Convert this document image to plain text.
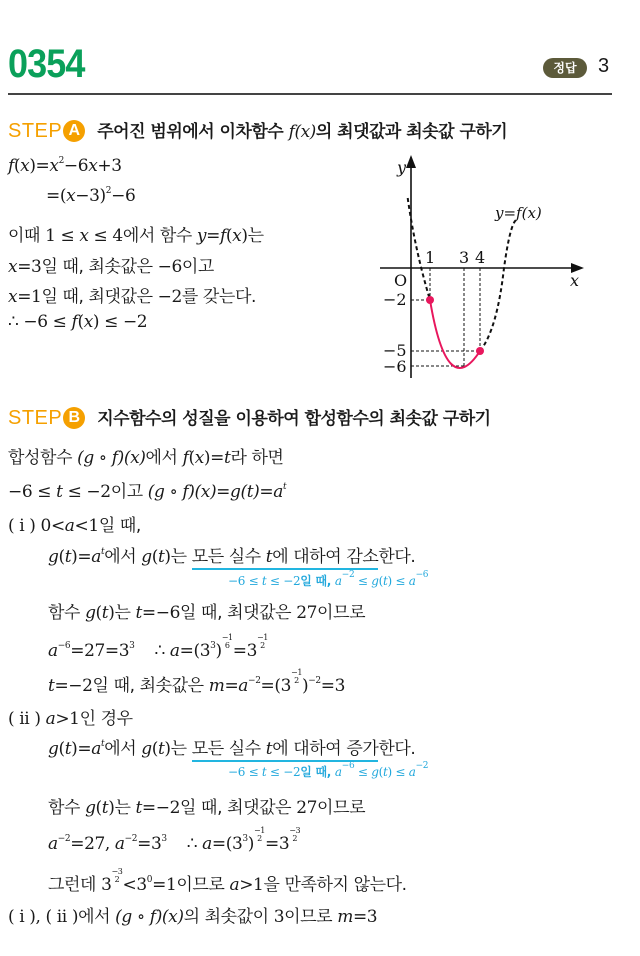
0354	정답	3
STEP A 주어진 범위에서 이차함수 f(x)의 최댓값과 최솟값 구하기
$f(x)=x^2-6x+3$
$=(x-3)^2-6$
이때 1 ≤ x ≤ 4에서 함수 y=f(x)는
x=3일 때, 최솟값은 −6이고
x=1일 때, 최댓값은 −2를 갖는다.
∴ −6 ≤ f(x) ≤ −2
y
x
O
y=f(x)
1 3 4
−2
−5
−6
STEP B 지수함수의 성질을 이용하여 합성함수의 최솟값 구하기
합성함수 (g ∘ f)(x)에서 f(x)=t라 하면
−6 ≤ t ≤ −2이고 (g ∘ $f)(x)=g(t)=a^t$
( i ) 0<a<1일 때,
$g(t)=a^t$에서 g(t)는 모든 실수 t에 대하여 감소한다.
−6 ≤ t ≤ −2일 때, $a^{-2} \le g(t) \le a^{-6}$
함수 g(t)는 t=−6일 때, 최댓값은 27이므로
$a^{-6}=27=3^3$ ∴ $a=(3^3)$
−1
6 =3
−1
2
t=−2일 때, 최솟값은 $m=a^{-2}=(3$
−1
2 )$^{-2}$=3
( ii ) a>1인 경우
$g(t)=a^t$에서 g(t)는 모든 실수 t에 대하여 증가한다.
−6 ≤ t ≤ −2일 때, $a^{-6} \le g(t) \le a^{-2}$
함수 g(t)는 t=−2일 때, 최댓값은 27이므로
$a^{-2}=27$, $a^{-2}=3^3$ ∴ $a=(3^3)$
−1
2 =3
−3
2
그런데 3
−3
$2 <3^0=1$이므로 a>1을 만족하지 않는다.
( i ), ( ii )에서 (g ∘ f)(x)의 최솟값이 3이므로 m=3
